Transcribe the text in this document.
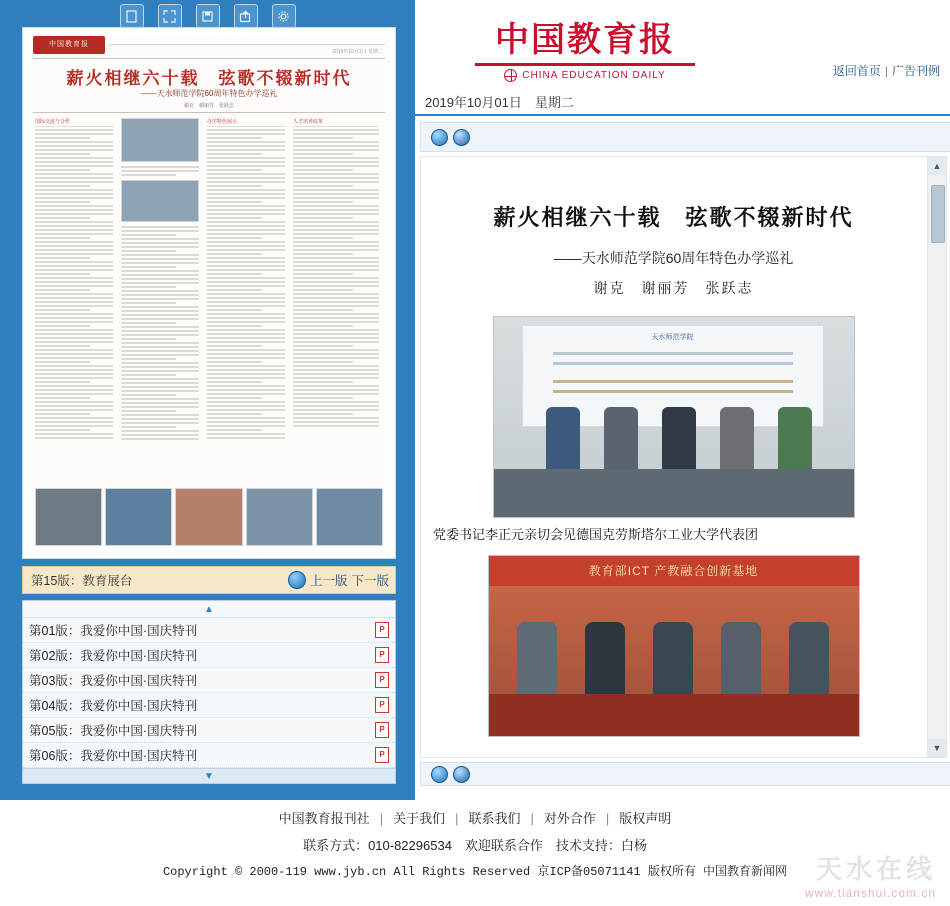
中国教育报
2019年10月1日 星期二
薪火相继六十载　弦歌不辍新时代
——天水师范学院60周年特色办学巡礼
谢克　谢丽芳　张跃志
国际交流与合作	办学特色展示	人才培养改革
第15版：教育展台	上一版 下一版
▲
第01版：我爱你中国·国庆特刊
P
第02版：我爱你中国·国庆特刊
P
第03版：我爱你中国·国庆特刊
P
第04版：我爱你中国·国庆特刊
P
第05版：我爱你中国·国庆特刊
P
第06版：我爱你中国·国庆特刊
P
P
▼
中国教育报
CHINA EDUCATION DAILY	返回首页 | 广告刊例
2019年10月01日　星期二
薪火相继六十载　弦歌不辍新时代
——天水师范学院60周年特色办学巡礼
谢克　谢丽芳　张跃志
天水师范学院
党委书记李正元亲切会见德国克劳斯塔尔工业大学代表团
教育部ICT 产教融合创新基地
▲
▼
中国教育报刊社 | 关于我们 | 联系我们 | 对外合作 | 版权声明
联系方式：010-82296534　欢迎联系合作　技术支持：白杨
Copyright © 2000-119 www.jyb.cn All Rights Reserved 京ICP备05071141 版权所有 中国教育新闻网	天水在线
www.tianshui.com.cn
